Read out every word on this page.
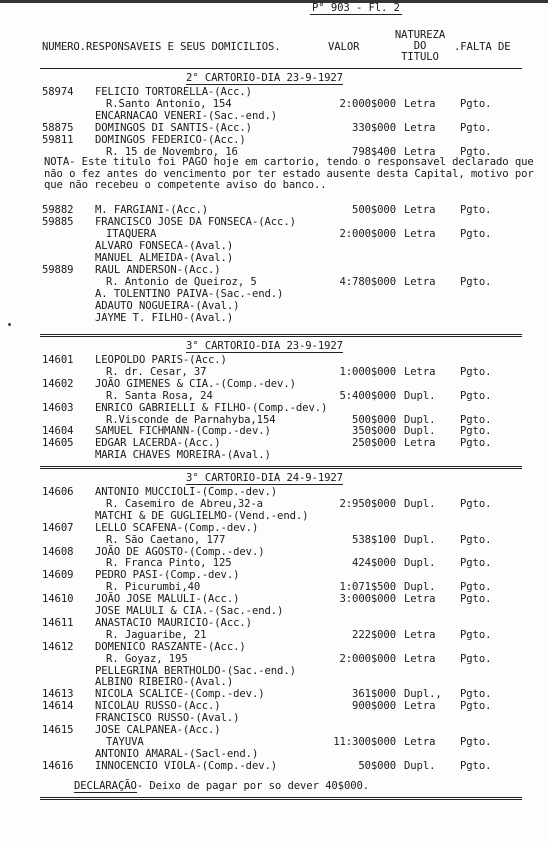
P° 903 - Fl. 2
NUMERO.RESPONSAVEIS E SEUS DOMICILIOS.	VALOR
NATUREZA
DO
TITULO
.FALTA DE
2° CARTORIO-DIA 23-9-1927
58974 FELICIO TORTORELLA-(Acc.)
R.Santo Antonio, 154	2:000$000 Letra Pgto.
ENCARNACAO VENERI-(Sac.-end.)
58875 DOMINGOS DI SANTIS-(Acc.)	330$000 Letra Pgto.
59811 DOMINGOS FEDERICO-(Acc.)
R. 15 de Novembro, 16	798$400 Letra Pgto.
NOTA- Este titulo foi PAGO hoje em cartorio, tendo o responsavel declarado que não o fez antes do vencimento por ter estado ausente desta Capital, motivo por que não recebeu o competente aviso do banco..
59882 M. FARGIANI-(Acc.)	500$000 Letra Pgto.
59885 FRANCISCO JOSE DA FONSECA-(Acc.)
ITAQUERA	2:000$000 Letra Pgto.
ALVARO FONSECA-(Aval.)
MANUEL ALMEIDA-(Aval.)
59889 RAUL ANDERSON-(Acc.)
R. Antonio de Queiroz, 5	4:780$000 Letra Pgto.
A. TOLENTINO PAIVA-(Sac.-end.)
ADAUTO NOGUEIRA-(Aval.)
JAYME T. FILHO-(Aval.)
3° CARTORIO-DIA 23-9-1927
14601 LEOPOLDO PARIS-(Acc.)
R. dr. Cesar, 37	1:000$000 Letra Pgto.
14602 JOÃO GIMENES & CIA.-(Comp.-dev.)
R. Santa Rosa, 24	5:400$000 Dupl. Pgto.
14603 ENRICO GABRIELLI & FILHO-(Comp.-dev.)
R.Visconde de Parnahyba,154	500$000 Dupl. Pgto.
14604 SAMUEL FICHMANN-(Comp.-dev.)	350$000 Dupl. Pgto.
14605 EDGAR LACERDA-(Acc.)	250$000 Letra Pgto.
MARIA CHAVES MOREIRA-(Aval.)
3° CARTORIO-DIA 24-9-1927
14606 ANTONIO MUCCIOLI-(Comp.-dev.)
R. Casemiro de Abreu,32-a	2:950$000 Dupl. Pgto.
MATCHI & DE GUGLIELMO-(Vend.-end.)
14607 LELLO SCAFENA-(Comp.-dev.)
R. São Caetano, 177	538$100 Dupl. Pgto.
14608 JOÃO DE AGOSTO-(Comp.-dev.)
R. Franca Pinto, 125	424$000 Dupl. Pgto.
14609 PEDRO PASI-(Comp.-dev.)
R. Picurumbi,40	1:071$500 Dupl. Pgto.
14610 JOÃO JOSE MALULI-(Acc.)	3:000$000 Letra Pgto.
JOSE MALULI & CIA.-(Sac.-end.)
14611 ANASTACIO MAURICIO-(Acc.)
R. Jaguaribe, 21	222$000 Letra Pgto.
14612 DOMENICO RASZANTE-(Acc.)
R. Goyaz, 195	2:000$000 Letra Pgto.
PELLEGRINA BERTHOLDO-(Sac.-end.)
ALBINO RIBEIRO-(Aval.)
14613 NICOLA SCALICE-(Comp.-dev.)	361$000 Dupl., Pgto.
14614 NICOLAU RUSSO-(Acc.)	900$000 Letra Pgto.
FRANCISCO RUSSO-(Aval.)
14615 JOSE CALPANEA-(Acc.)
TAYUVA	11:300$000 Letra Pgto.
ANTONIO AMARAL-(Sacl-end.)
14616 INNOCENCIO VIOLA-(Comp.-dev.)	50$000 Dupl. Pgto.
DECLARAÇÃO- Deixo de pagar por so dever 40$000.
